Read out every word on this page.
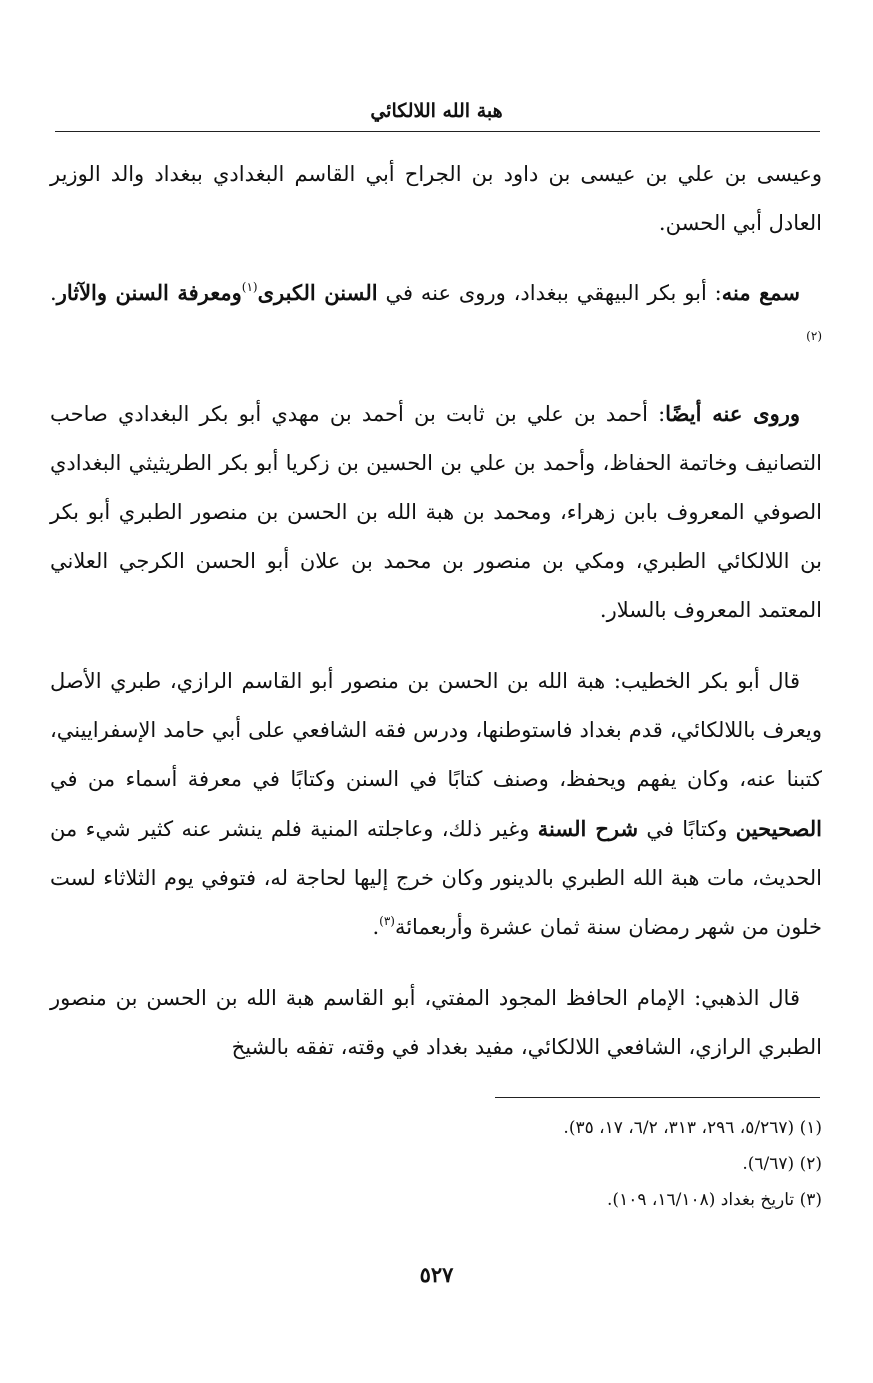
هبة الله اللالكائي

وعيسى بن علي بن عيسى بن داود بن الجراح أبي القاسم البغدادي ببغداد والد الوزير العادل أبي الحسن.

سمع منه: أبو بكر البيهقي ببغداد، وروى عنه في السنن الكبرى$^{(١)}$ومعرفة السنن والآثار.$^{(٢)}$

وروى عنه أيضًا: أحمد بن علي بن ثابت بن أحمد بن مهدي أبو بكر البغدادي صاحب التصانيف وخاتمة الحفاظ، وأحمد بن علي بن الحسين بن زكريا أبو بكر الطريثيثي البغدادي الصوفي المعروف بابن زهراء، ومحمد بن هبة الله بن الحسن بن منصور الطبري أبو بكر بن اللالكائي الطبري، ومكي بن منصور بن محمد بن علان أبو الحسن الكرجي العلاني المعتمد المعروف بالسلار.

قال أبو بكر الخطيب: هبة الله بن الحسن بن منصور أبو القاسم الرازي، طبري الأصل ويعرف باللالكائي، قدم بغداد فاستوطنها، ودرس فقه الشافعي على أبي حامد الإسفراييني، كتبنا عنه، وكان يفهم ويحفظ، وصنف كتابًا في السنن وكتابًا في معرفة أسماء من في الصحيحين وكتابًا في شرح السنة وغير ذلك، وعاجلته المنية فلم ينشر عنه كثير شيء من الحديث، مات هبة الله الطبري بالدينور وكان خرج إليها لحاجة له، فتوفي يوم الثلاثاء لست خلون من شهر رمضان سنة ثمان عشرة وأربعمائة$^{(٣)}$.

قال الذهبي: الإمام الحافظ المجود المفتي، أبو القاسم هبة الله بن الحسن بن منصور الطبري الرازي، الشافعي اللالكائي، مفيد بغداد في وقته، تفقه بالشيخ

(١) (٥/٢٦٧، ٢٩٦، ٣١٣، ٦/٢، ١٧، ٣٥).

(٢) (٦/٦٧).

(٣) تاريخ بغداد (١٦/١٠٨، ١٠٩).

٥٢٧
